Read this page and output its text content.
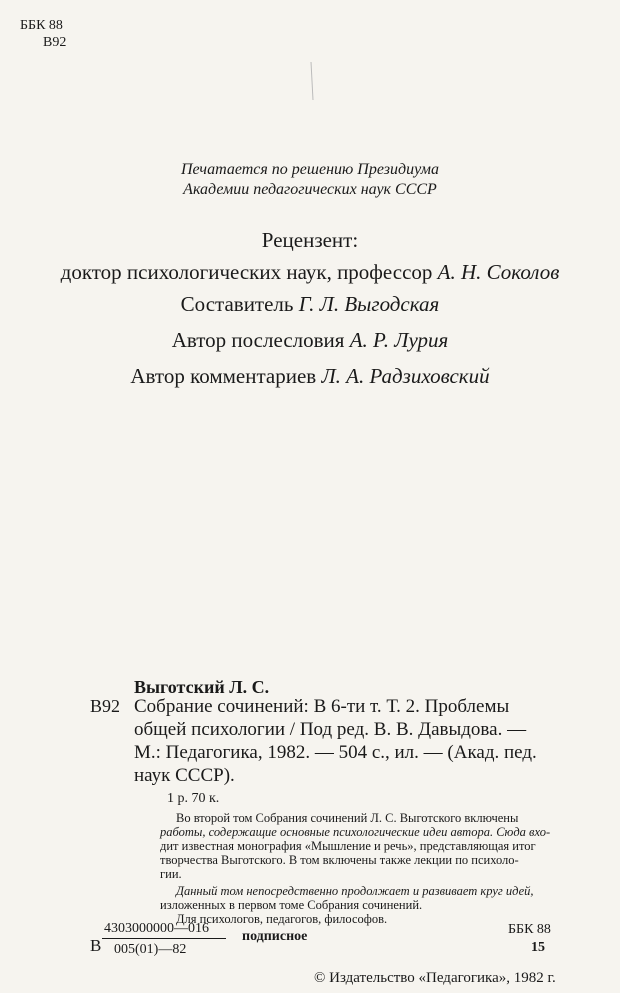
ББК 88
В92
Печатается по решению Президиума
Академии педагогических наук СССР
Рецензент:
доктор психологических наук, профессор А. Н. Соколов
Составитель Г. Л. Выгодская
Автор послесловия А. Р. Лурия
Автор комментариев Л. А. Радзиховский
Выготский Л. С.
В92 Собрание сочинений: В 6-ти т. Т. 2. Проблемы
общей психологии / Под ред. В. В. Давыдова. —
М.: Педагогика, 1982. — 504 с., ил. — (Акад. пед.
наук СССР).
1 р. 70 к.
Во второй том Собрания сочинений Л. С. Выготского включены
работы, содержащие основные психологические идеи автора. Сюда вхо-
дит известная монография «Мышление и речь», представляющая итог
творчества Выготского. В том включены также лекции по психоло-
гии.
Данный том непосредственно продолжает и развивает круг идей,
изложенных в первом томе Собрания сочинений.
Для психологов, педагогов, философов.
В
4303000000—016
005(01)—82
подписное	ББК 88
15
© Издательство «Педагогика», 1982 г.
